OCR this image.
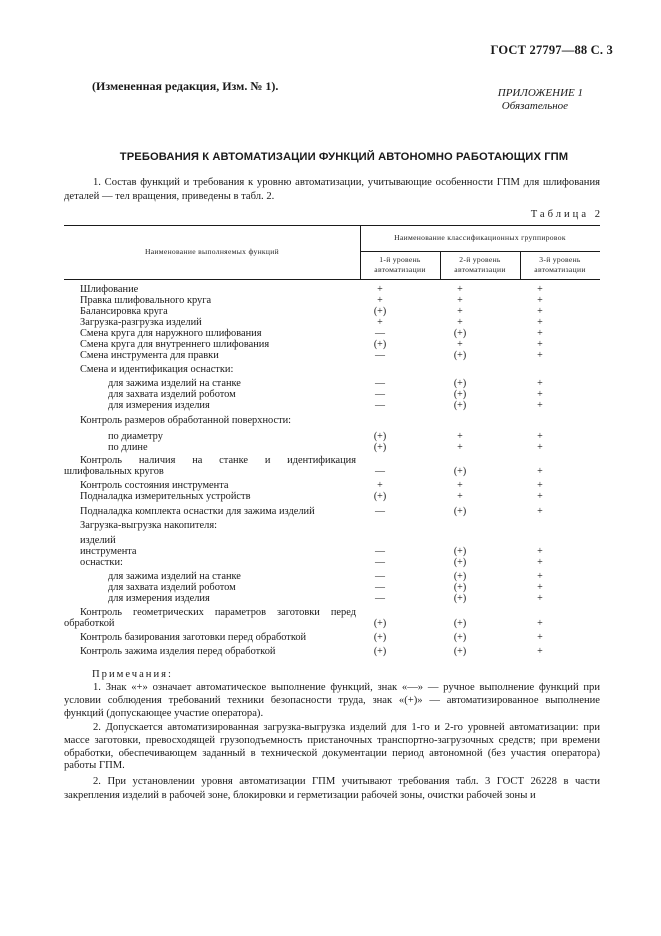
ГОСТ 27797—88 С. 3
(Измененная редакция, Изм. № 1).	ПРИЛОЖЕНИЕ 1
Обязательное
ТРЕБОВАНИЯ К АВТОМАТИЗАЦИИ ФУНКЦИЙ АВТОНОМНО РАБОТАЮЩИХ ГПМ
1. Состав функций и требования к уровню автоматизации, учитывающие особенности ГПМ для шлифования деталей — тел вращения, приведены в табл. 2.
Таблица 2
Наименование выполняемых функций
Наименование классификационных группировок
1-й уровень
автоматизации
2-й уровень
автоматизации
3-й уровень
автоматизации
Шлифование	+	+	+
Правка шлифовального круга	+	+	+
Балансировка круга	(+)	+	+
Загрузка-разгрузка изделий	+	+	+
Смена круга для наружного шлифования	—	(+)	+
Смена круга для внутреннего шлифования	(+)	+	+
Смена инструмента для правки	—	(+)	+
Смена и идентификация оснастки:
для зажима изделий на станке	—	(+)	+
для захвата изделий роботом	—	(+)	+
для измерения изделия	—	(+)	+
Контроль размеров обработанной поверхности:
по диаметру	(+)	+	+
по длине	(+)	+	+
Контроль наличия на станке и идентификация
шлифовальных кругов	—	(+)	+
Контроль состояния инструмента	+	+	+
Подналадка измерительных устройств	(+)	+	+
Подналадка комплекта оснастки для зажима изделий	—	(+)	+
Загрузка-выгрузка накопителя:
изделий
инструмента	—	(+)	+
оснастки:	—	(+)	+
для зажима изделий на станке	—	(+)	+
для захвата изделий роботом	—	(+)	+
для измерения изделия	—	(+)	+
Контроль геометрических параметров заготовки перед
обработкой	(+)	(+)	+
Контроль базирования заготовки перед обработкой	(+)	(+)	+
Контроль зажима изделия перед обработкой	(+)	(+)	+
Примечания:
1. Знак «+» означает автоматическое выполнение функций, знак «—» — ручное выполнение функций при условии соблюдения требований техники безопасности труда, знак «(+)» — автоматизированное выполнение функций (допускающее участие оператора).
2. Допускается автоматизированная загрузка-выгрузка изделий для 1-го и 2-го уровней автоматизации: при массе заготовки, превосходящей грузоподъемность пристаночных транспортно-загрузочных средств; при времени обработки, обеспечивающем заданный в технической документации период автономной (без участия оператора) работы ГПМ.
2. При установлении уровня автоматизации ГПМ учитывают требования табл. 3 ГОСТ 26228 в части закрепления изделий в рабочей зоне, блокировки и герметизации рабочей зоны, очистки рабочей зоны и
